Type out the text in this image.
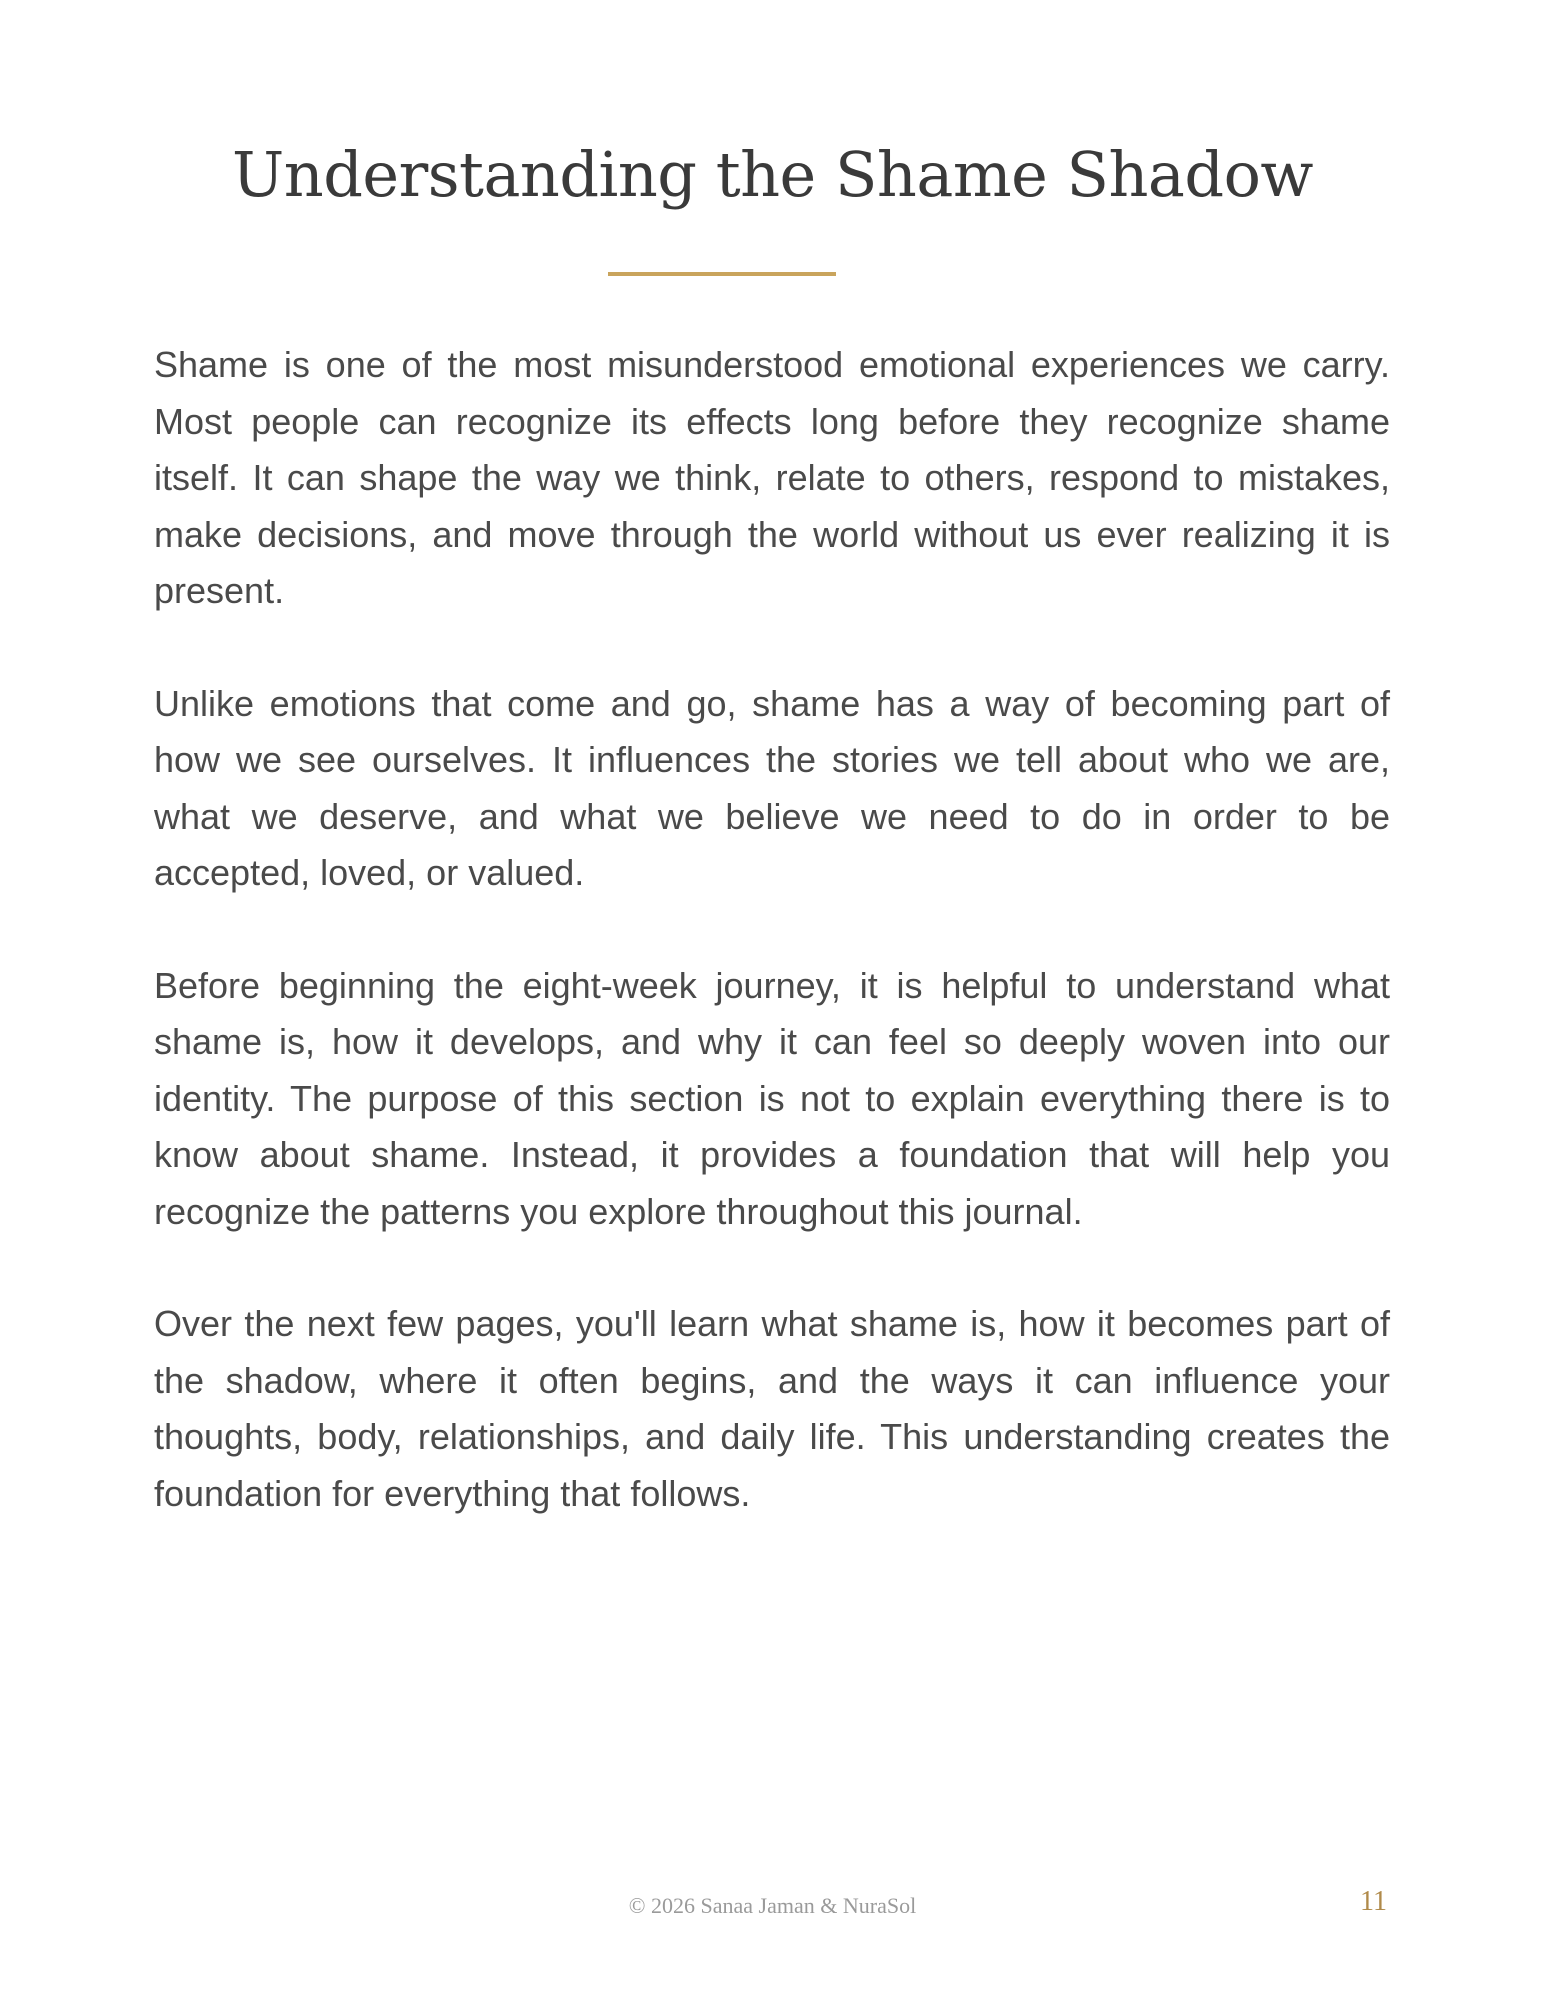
Understanding the Shame Shadow

Shame is one of the most misunderstood emotional experiences we carry. Most people can recognize its effects long before they recognize shame itself. It can shape the way we think, relate to others, respond to mistakes, make decisions, and move through the world without us ever realizing it is present.

Unlike emotions that come and go, shame has a way of becoming part of how we see ourselves. It influences the stories we tell about who we are, what we deserve, and what we believe we need to do in order to be accepted, loved, or valued.

Before beginning the eight-week journey, it is helpful to understand what shame is, how it develops, and why it can feel so deeply woven into our identity. The purpose of this section is not to explain everything there is to know about shame. Instead, it provides a foundation that will help you recognize the patterns you explore throughout this journal.

Over the next few pages, you'll learn what shame is, how it becomes part of the shadow, where it often begins, and the ways it can influence your thoughts, body, relationships, and daily life. This understanding creates the foundation for everything that follows.

© 2026 Sanaa Jaman & NuraSol	11
